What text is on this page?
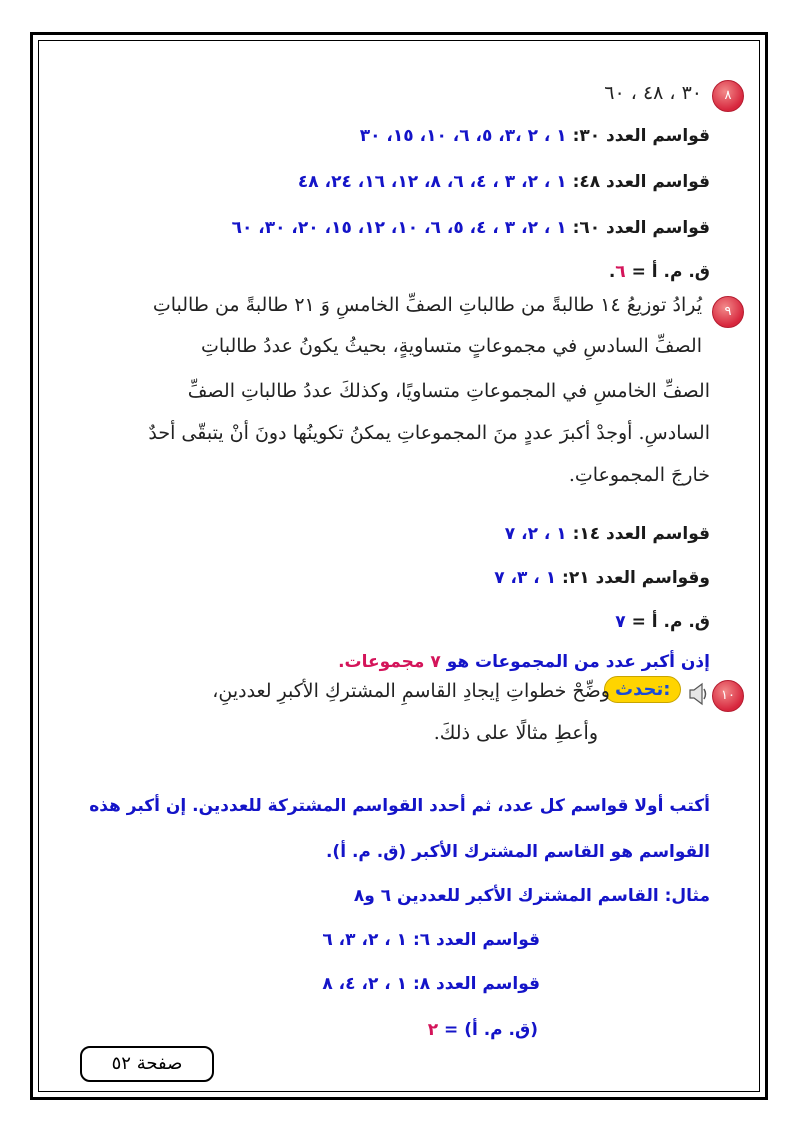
٨
٣٠ ، ٤٨ ، ٦٠
قواسم العدد ٣٠: ١ ، ٢ ،٣، ٥، ٦، ١٠، ١٥، ٣٠
قواسم العدد ٤٨: ١ ، ٢، ٣ ، ٤، ٦، ٨، ١٢، ١٦، ٢٤، ٤٨
قواسم العدد ٦٠: ١ ، ٢، ٣ ، ٤، ٥، ٦، ١٠، ١٢، ١٥، ٢٠، ٣٠، ٦٠
ق. م. أ = ٦.
٩
يُرادُ توزيعُ ١٤ طالبةً من طالباتِ الصفِّ الخامسِ وَ ٢١ طالبةً من طالباتِ
الصفِّ السادسِ في مجموعاتٍ متساويةٍ، بحيثُ يكونُ عددُ طالباتِ
الصفِّ الخامسِ في المجموعاتِ متساويًا، وكذلكَ عددُ طالباتِ الصفِّ
السادسِ. أوجدْ أكبرَ عددٍ منَ المجموعاتِ يمكنُ تكوينُها دونَ أنْ يتبقّى أحدٌ
خارجَ المجموعاتِ.
قواسم العدد ١٤: ١ ، ٢، ٧
وقواسم العدد ٢١: ١ ، ٣، ٧
ق. م. أ = ٧
إذن أكبر عدد من المجموعات هو ٧ مجموعات.
١٠
تحدث:
وضِّحْ خطواتِ إيجادِ القاسمِ المشتركِ الأكبرِ لعددينِ،
وأعطِ مثالًا على ذلكَ.
أكتب أولا قواسم كل عدد، ثم أحدد القواسم المشتركة للعددين. إن أكبر هذه
القواسم هو القاسم المشترك الأكبر (ق. م. أ).
مثال: القاسم المشترك الأكبر للعددين ٦ و٨
قواسم العدد ٦: ١ ، ٢، ٣، ٦
قواسم العدد ٨: ١ ، ٢، ٤، ٨
(ق. م. أ) = ٢
صفحة ٥٢
